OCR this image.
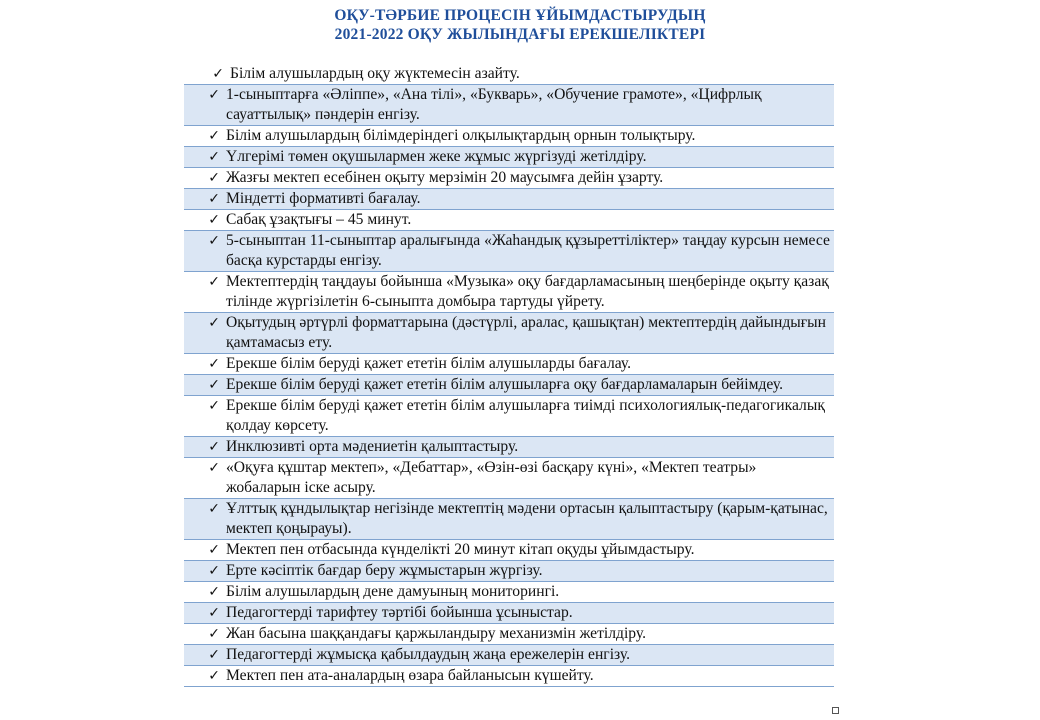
ОҚУ-ТӘРБИЕ ПРОЦЕСІН ҰЙЫМДАСТЫРУДЫҢ
2021-2022 ОҚУ ЖЫЛЫНДАҒЫ ЕРЕКШЕЛІКТЕРІ
✓ Білім алушылардың оқу жүктемесін азайту.
✓ 1-сыныптарға «Әліппе», «Ана тілі», «Букварь», «Обучение грамоте», «Цифрлық сауаттылық» пәндерін енгізу.
✓ Білім алушылардың білімдеріндегі олқылықтардың орнын толықтыру.
✓ Үлгерімі төмен оқушылармен жеке жұмыс жүргізуді жетілдіру.
✓ Жазғы мектеп есебінен оқыту мерзімін 20 маусымға дейін ұзарту.
✓ Міндетті формативті бағалау.
✓ Сабақ ұзақтығы – 45 минут.
✓ 5-сыныптан 11-сыныптар аралығында «Жаһандық құзыреттіліктер» таңдау курсын немесе басқа курстарды енгізу.
✓ Мектептердің таңдауы бойынша «Музыка» оқу бағдарламасының шеңберінде оқыту қазақ тілінде жүргізілетін 6-сыныпта домбыра тартуды үйрету.
✓ Оқытудың әртүрлі форматтарына (дәстүрлі, аралас, қашықтан) мектептердің дайындығын қамтамасыз ету.
✓ Ерекше білім беруді қажет ететін білім алушыларды бағалау.
✓ Ерекше білім беруді қажет ететін білім алушыларға оқу бағдарламаларын бейімдеу.
✓ Ерекше білім беруді қажет ететін білім алушыларға тиімді психологиялық-педагогикалық қолдау көрсету.
✓ Инклюзивті орта мәдениетін қалыптастыру.
✓ «Оқуға құштар мектеп», «Дебаттар», «Өзін-өзі басқару күні», «Мектеп театры» жобаларын іске асыру.
✓ Ұлттық құндылықтар негізінде мектептің мәдени ортасын қалыптастыру (қарым-қатынас, мектеп қоңырауы).
✓ Мектеп пен отбасында күнделікті 20 минут кітап оқуды ұйымдастыру.
✓ Ерте кәсіптік бағдар беру жұмыстарын жүргізу.
✓ Білім алушылардың дене дамуының мониторингі.
✓ Педагогтерді тарифтеу тәртібі бойынша ұсыныстар.
✓ Жан басына шаққандағы қаржыландыру механизмін жетілдіру.
✓ Педагогтерді жұмысқа қабылдаудың жаңа ережелерін енгізу.
✓ Мектеп пен ата-аналардың өзара байланысын күшейту.
